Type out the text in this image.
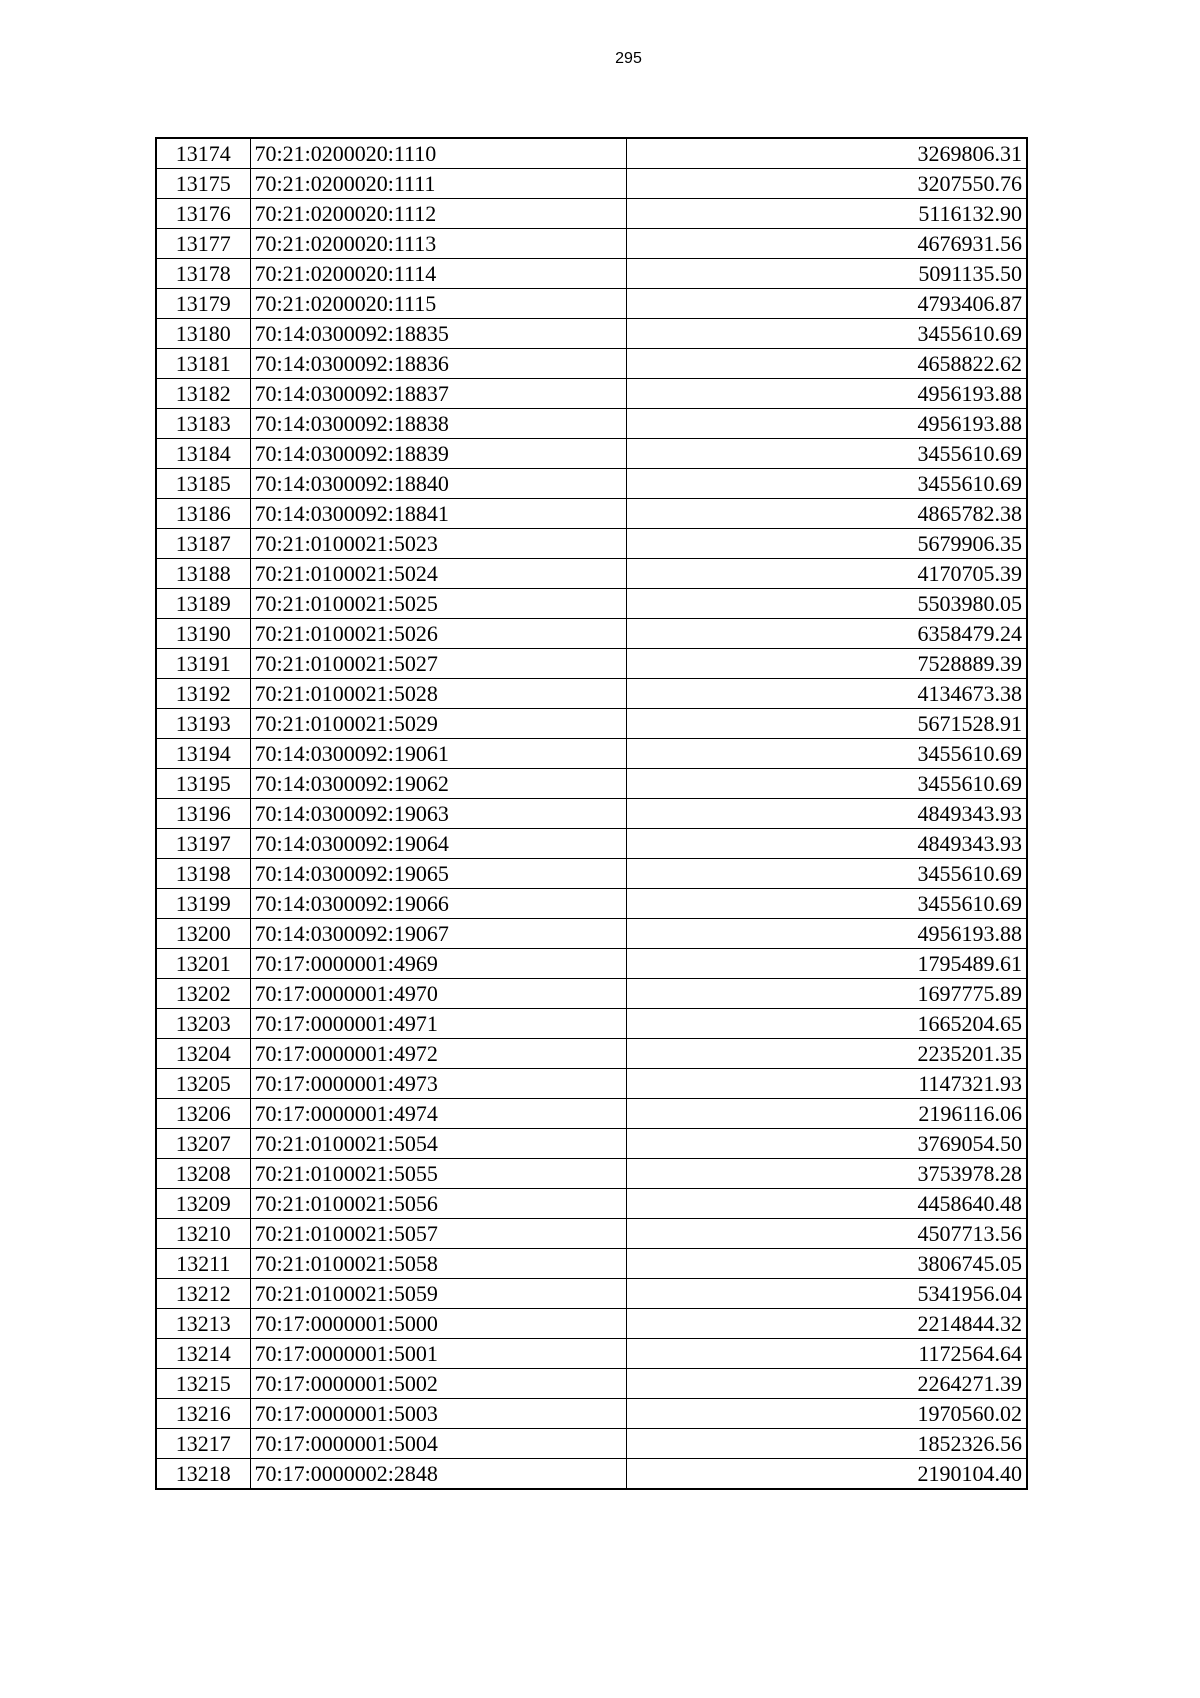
295
13174	70:21:0200020:1110	3269806.31
13175	70:21:0200020:1111	3207550.76
13176	70:21:0200020:1112	5116132.90
13177	70:21:0200020:1113	4676931.56
13178	70:21:0200020:1114	5091135.50
13179	70:21:0200020:1115	4793406.87
13180	70:14:0300092:18835	3455610.69
13181	70:14:0300092:18836	4658822.62
13182	70:14:0300092:18837	4956193.88
13183	70:14:0300092:18838	4956193.88
13184	70:14:0300092:18839	3455610.69
13185	70:14:0300092:18840	3455610.69
13186	70:14:0300092:18841	4865782.38
13187	70:21:0100021:5023	5679906.35
13188	70:21:0100021:5024	4170705.39
13189	70:21:0100021:5025	5503980.05
13190	70:21:0100021:5026	6358479.24
13191	70:21:0100021:5027	7528889.39
13192	70:21:0100021:5028	4134673.38
13193	70:21:0100021:5029	5671528.91
13194	70:14:0300092:19061	3455610.69
13195	70:14:0300092:19062	3455610.69
13196	70:14:0300092:19063	4849343.93
13197	70:14:0300092:19064	4849343.93
13198	70:14:0300092:19065	3455610.69
13199	70:14:0300092:19066	3455610.69
13200	70:14:0300092:19067	4956193.88
13201	70:17:0000001:4969	1795489.61
13202	70:17:0000001:4970	1697775.89
13203	70:17:0000001:4971	1665204.65
13204	70:17:0000001:4972	2235201.35
13205	70:17:0000001:4973	1147321.93
13206	70:17:0000001:4974	2196116.06
13207	70:21:0100021:5054	3769054.50
13208	70:21:0100021:5055	3753978.28
13209	70:21:0100021:5056	4458640.48
13210	70:21:0100021:5057	4507713.56
13211	70:21:0100021:5058	3806745.05
13212	70:21:0100021:5059	5341956.04
13213	70:17:0000001:5000	2214844.32
13214	70:17:0000001:5001	1172564.64
13215	70:17:0000001:5002	2264271.39
13216	70:17:0000001:5003	1970560.02
13217	70:17:0000001:5004	1852326.56
13218	70:17:0000002:2848	2190104.40
